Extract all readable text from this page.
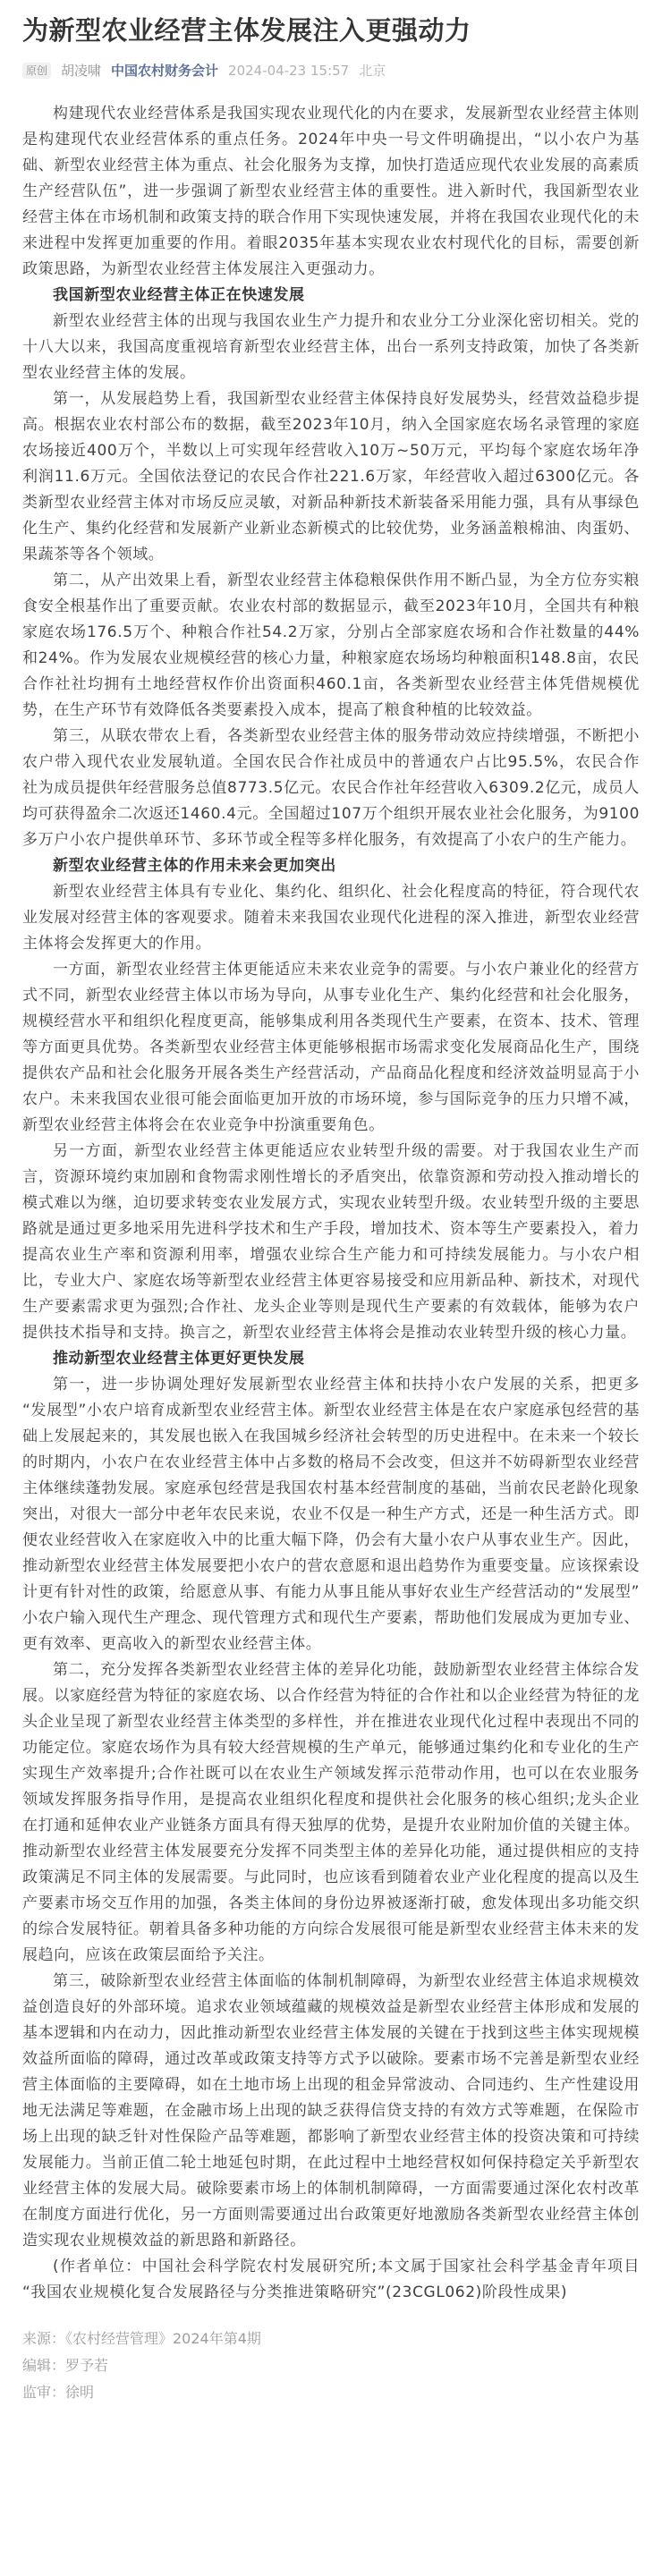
为新型农业经营主体发展注入更强动力
原创 胡凌啸 中国农村财务会计 2024-04-23 15:57 北京

构建现代农业经营体系是我国实现农业现代化的内在要求，发展新型农业经营主体则是构建现代农业经营体系的重点任务。2024年中央一号文件明确提出，“以小农户为基础、新型农业经营主体为重点、社会化服务为支撑，加快打造适应现代农业发展的高素质生产经营队伍”，进一步强调了新型农业经营主体的重要性。进入新时代，我国新型农业经营主体在市场机制和政策支持的联合作用下实现快速发展，并将在我国农业现代化的未来进程中发挥更加重要的作用。着眼2035年基本实现农业农村现代化的目标，需要创新政策思路，为新型农业经营主体发展注入更强动力。

我国新型农业经营主体正在快速发展

新型农业经营主体的出现与我国农业生产力提升和农业分工分业深化密切相关。党的十八大以来，我国高度重视培育新型农业经营主体，出台一系列支持政策，加快了各类新型农业经营主体的发展。

第一，从发展趋势上看，我国新型农业经营主体保持良好发展势头，经营效益稳步提高。根据农业农村部公布的数据，截至2023年10月，纳入全国家庭农场名录管理的家庭农场接近400万个，半数以上可实现年经营收入10万~50万元，平均每个家庭农场年净利润11.6万元。全国依法登记的农民合作社221.6万家，年经营收入超过6300亿元。各类新型农业经营主体对市场反应灵敏，对新品种新技术新装备采用能力强，具有从事绿色化生产、集约化经营和发展新产业新业态新模式的比较优势，业务涵盖粮棉油、肉蛋奶、果蔬茶等各个领域。

第二，从产出效果上看，新型农业经营主体稳粮保供作用不断凸显，为全方位夯实粮食安全根基作出了重要贡献。农业农村部的数据显示，截至2023年10月，全国共有种粮家庭农场176.5万个、种粮合作社54.2万家，分别占全部家庭农场和合作社数量的44%和24%。作为发展农业规模经营的核心力量，种粮家庭农场场均种粮面积148.8亩，农民合作社社均拥有土地经营权作价出资面积460.1亩，各类新型农业经营主体凭借规模优势，在生产环节有效降低各类要素投入成本，提高了粮食种植的比较效益。

第三，从联农带农上看，各类新型农业经营主体的服务带动效应持续增强，不断把小农户带入现代农业发展轨道。全国农民合作社成员中的普通农户占比95.5%，农民合作社为成员提供年经营服务总值8773.5亿元。农民合作社年经营收入6309.2亿元，成员人均可获得盈余二次返还1460.4元。全国超过107万个组织开展农业社会化服务，为9100多万户小农户提供单环节、多环节或全程等多样化服务，有效提高了小农户的生产能力。

新型农业经营主体的作用未来会更加突出

新型农业经营主体具有专业化、集约化、组织化、社会化程度高的特征，符合现代农业发展对经营主体的客观要求。随着未来我国农业现代化进程的深入推进，新型农业经营主体将会发挥更大的作用。

一方面，新型农业经营主体更能适应未来农业竞争的需要。与小农户兼业化的经营方式不同，新型农业经营主体以市场为导向，从事专业化生产、集约化经营和社会化服务，规模经营水平和组织化程度更高，能够集成利用各类现代生产要素，在资本、技术、管理等方面更具优势。各类新型农业经营主体更能够根据市场需求变化发展商品化生产，围绕提供农产品和社会化服务开展各类生产经营活动，产品商品化程度和经济效益明显高于小农户。未来我国农业很可能会面临更加开放的市场环境，参与国际竞争的压力只增不减，新型农业经营主体将会在农业竞争中扮演重要角色。

另一方面，新型农业经营主体更能适应农业转型升级的需要。对于我国农业生产而言，资源环境约束加剧和食物需求刚性增长的矛盾突出，依靠资源和劳动投入推动增长的模式难以为继，迫切要求转变农业发展方式，实现农业转型升级。农业转型升级的主要思路就是通过更多地采用先进科学技术和生产手段，增加技术、资本等生产要素投入，着力提高农业生产率和资源利用率，增强农业综合生产能力和可持续发展能力。与小农户相比，专业大户、家庭农场等新型农业经营主体更容易接受和应用新品种、新技术，对现代生产要素需求更为强烈;合作社、龙头企业等则是现代生产要素的有效载体，能够为农户提供技术指导和支持。换言之，新型农业经营主体将会是推动农业转型升级的核心力量。

推动新型农业经营主体更好更快发展

第一，进一步协调处理好发展新型农业经营主体和扶持小农户发展的关系，把更多“发展型”小农户培育成新型农业经营主体。新型农业经营主体是在农户家庭承包经营的基础上发展起来的，其发展也嵌入在我国城乡经济社会转型的历史进程中。在未来一个较长的时期内，小农户在农业经营主体中占多数的格局不会改变，但这并不妨碍新型农业经营主体继续蓬勃发展。家庭承包经营是我国农村基本经营制度的基础，当前农民老龄化现象突出，对很大一部分中老年农民来说，农业不仅是一种生产方式，还是一种生活方式。即便农业经营收入在家庭收入中的比重大幅下降，仍会有大量小农户从事农业生产。因此，推动新型农业经营主体发展要把小农户的营农意愿和退出趋势作为重要变量。应该探索设计更有针对性的政策，给愿意从事、有能力从事且能从事好农业生产经营活动的“发展型”小农户输入现代生产理念、现代管理方式和现代生产要素，帮助他们发展成为更加专业、更有效率、更高收入的新型农业经营主体。

第二，充分发挥各类新型农业经营主体的差异化功能，鼓励新型农业经营主体综合发展。以家庭经营为特征的家庭农场、以合作经营为特征的合作社和以企业经营为特征的龙头企业呈现了新型农业经营主体类型的多样性，并在推进农业现代化过程中表现出不同的功能定位。家庭农场作为具有较大经营规模的生产单元，能够通过集约化和专业化的生产实现生产效率提升;合作社既可以在农业生产领域发挥示范带动作用，也可以在农业服务领域发挥服务指导作用，是提高农业组织化程度和提供社会化服务的核心组织;龙头企业在打通和延伸农业产业链条方面具有得天独厚的优势，是提升农业附加价值的关键主体。推动新型农业经营主体发展要充分发挥不同类型主体的差异化功能，通过提供相应的支持政策满足不同主体的发展需要。与此同时，也应该看到随着农业产业化程度的提高以及生产要素市场交互作用的加强，各类主体间的身份边界被逐渐打破，愈发体现出多功能交织的综合发展特征。朝着具备多种功能的方向综合发展很可能是新型农业经营主体未来的发展趋向，应该在政策层面给予关注。

第三，破除新型农业经营主体面临的体制机制障碍，为新型农业经营主体追求规模效益创造良好的外部环境。追求农业领域蕴藏的规模效益是新型农业经营主体形成和发展的基本逻辑和内在动力，因此推动新型农业经营主体发展的关键在于找到这些主体实现规模效益所面临的障碍，通过改革或政策支持等方式予以破除。要素市场不完善是新型农业经营主体面临的主要障碍，如在土地市场上出现的租金异常波动、合同违约、生产性建设用地无法满足等难题，在金融市场上出现的缺乏获得信贷支持的有效方式等难题，在保险市场上出现的缺乏针对性保险产品等难题，都影响了新型农业经营主体的投资决策和可持续发展能力。当前正值二轮土地延包时期，在此过程中土地经营权如何保持稳定关乎新型农业经营主体的发展大局。破除要素市场上的体制机制障碍，一方面需要通过深化农村改革在制度方面进行优化，另一方面则需要通过出台政策更好地激励各类新型农业经营主体创造实现农业规模效益的新思路和新路径。

(作者单位：中国社会科学院农村发展研究所;本文属于国家社会科学基金青年项目“我国农业规模化复合发展路径与分类推进策略研究”(23CGL062)阶段性成果)

来源：《农村经营管理》2024年第4期

编辑：罗予若

监审：徐明
